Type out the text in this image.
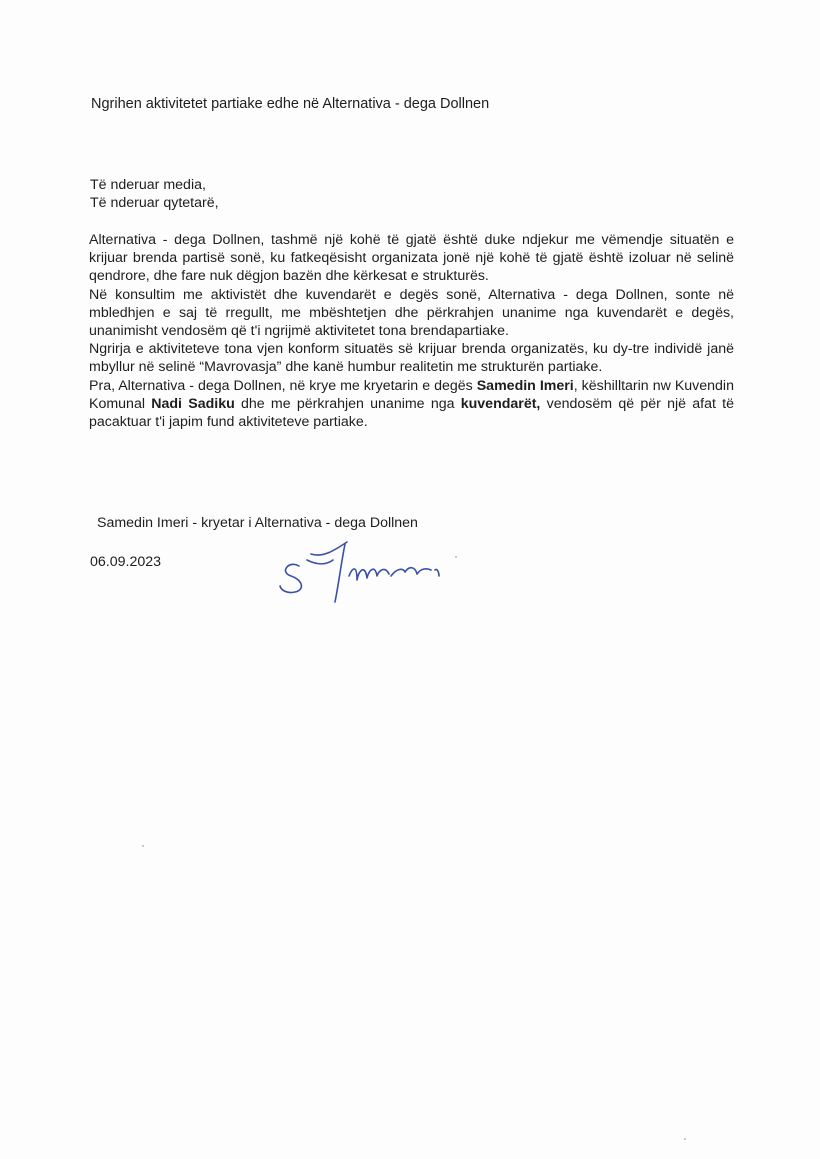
Ngrihen aktivitetet partiake edhe në Alternativa - dega Dollnen
Të nderuar media,
Të nderuar qytetarë,

Alternativa - dega Dollnen, tashmë një kohë të gjatë është duke ndjekur me vëmendje situatën e krijuar brenda partisë sonë, ku fatkeqësisht organizata jonë një kohë të gjatë është izoluar në selinë qendrore, dhe fare nuk dëgjon bazën dhe kërkesat e strukturës.

Në konsultim me aktivistët dhe kuvendarët e degës sonë, Alternativa - dega Dollnen, sonte në mbledhjen e saj të rregullt, me mbështetjen dhe përkrahjen unanime nga kuvendarët e degës, unanimisht vendosëm që t'i ngrijmë aktivitetet tona brendapartiake.

Ngrirja e aktiviteteve tona vjen konform situatës së krijuar brenda organizatës, ku dy-tre individë janë mbyllur në selinë “Mavrovasja” dhe kanë humbur realitetin me strukturën partiake.

Pra, Alternativa - dega Dollnen, në krye me kryetarin e degës Samedin Imeri, këshilltarin nw Kuvendin Komunal Nadi Sadiku dhe me përkrahjen unanime nga kuvendarët, vendosëm që për një afat të pacaktuar t'i japim fund aktiviteteve partiake.

Samedin Imeri - kryetar i Alternativa - dega Dollnen
06.09.2023
